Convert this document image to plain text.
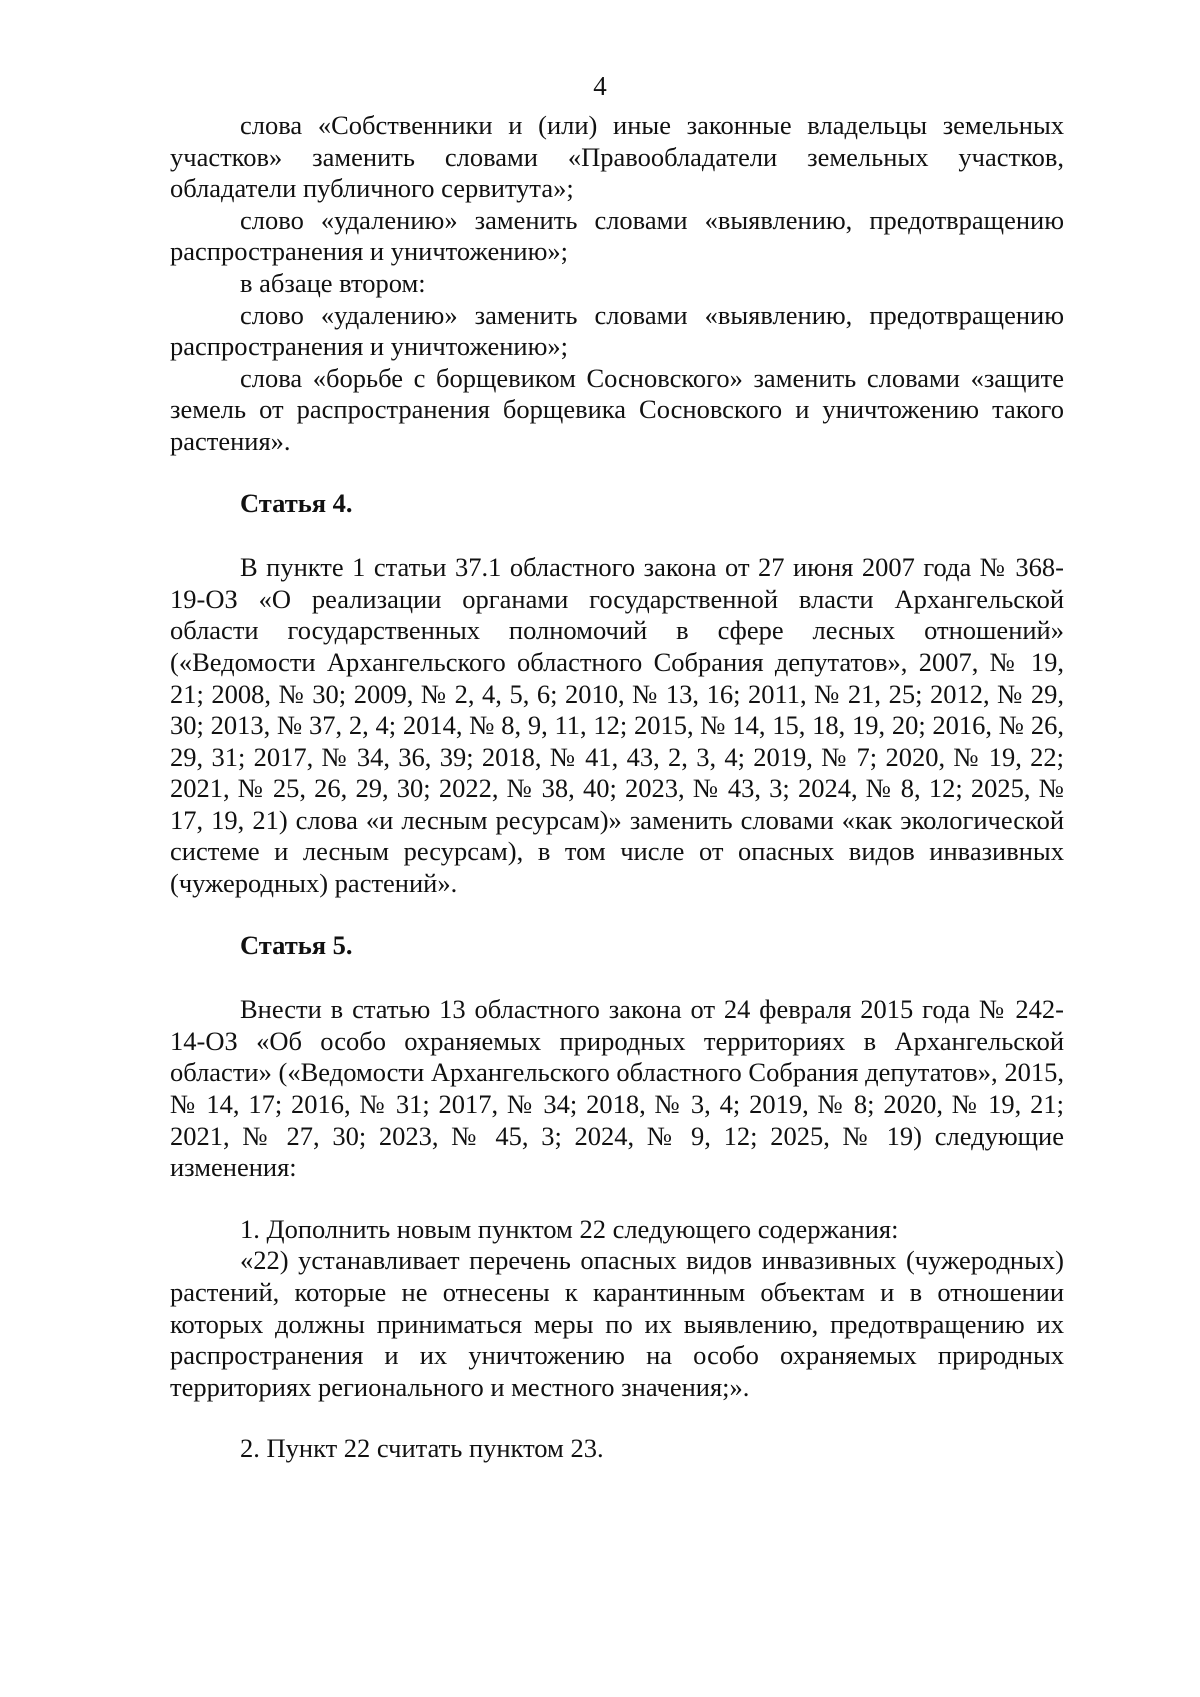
4

слова «Собственники и (или) иные законные владельцы земельных участков» заменить словами «Правообладатели земельных участков, обладатели публичного сервитута»;

слово «удалению» заменить словами «выявлению, предотвращению распространения и уничтожению»;

в абзаце втором:

слово «удалению» заменить словами «выявлению, предотвращению распространения и уничтожению»;

слова «борьбе с борщевиком Сосновского» заменить словами «защите земель от распространения борщевика Сосновского и уничтожению такого растения».

Статья 4.

В пункте 1 статьи 37.1 областного закона от 27 июня 2007 года № 368-19-ОЗ «О реализации органами государственной власти Архангельской области государственных полномочий в сфере лесных отношений» («Ведомости Архангельского областного Собрания депутатов», 2007, № 19, 21; 2008, № 30; 2009, № 2, 4, 5, 6; 2010, № 13, 16; 2011, № 21, 25; 2012, № 29, 30; 2013, № 37, 2, 4; 2014, № 8, 9, 11, 12; 2015, № 14, 15, 18, 19, 20; 2016, № 26, 29, 31; 2017, № 34, 36, 39; 2018, № 41, 43, 2, 3, 4; 2019, № 7; 2020, № 19, 22; 2021, № 25, 26, 29, 30; 2022, № 38, 40; 2023, № 43, 3; 2024, № 8, 12; 2025, № 17, 19, 21) слова «и лесным ресурсам)» заменить словами «как экологической системе и лесным ресурсам), в том числе от опасных видов инвазивных (чужеродных) растений».

Статья 5.

Внести в статью 13 областного закона от 24 февраля 2015 года № 242-14-ОЗ «Об особо охраняемых природных территориях в Архангельской области» («Ведомости Архангельского областного Собрания депутатов», 2015, № 14, 17; 2016, № 31; 2017, № 34; 2018, № 3, 4; 2019, № 8; 2020, № 19, 21; 2021, № 27, 30; 2023, № 45, 3; 2024, № 9, 12; 2025, № 19) следующие изменения:

1. Дополнить новым пунктом 22 следующего содержания:

«22) устанавливает перечень опасных видов инвазивных (чужеродных) растений, которые не отнесены к карантинным объектам и в отношении которых должны приниматься меры по их выявлению, предотвращению их распространения и их уничтожению на особо охраняемых природных территориях регионального и местного значения;».

2. Пункт 22 считать пунктом 23.
